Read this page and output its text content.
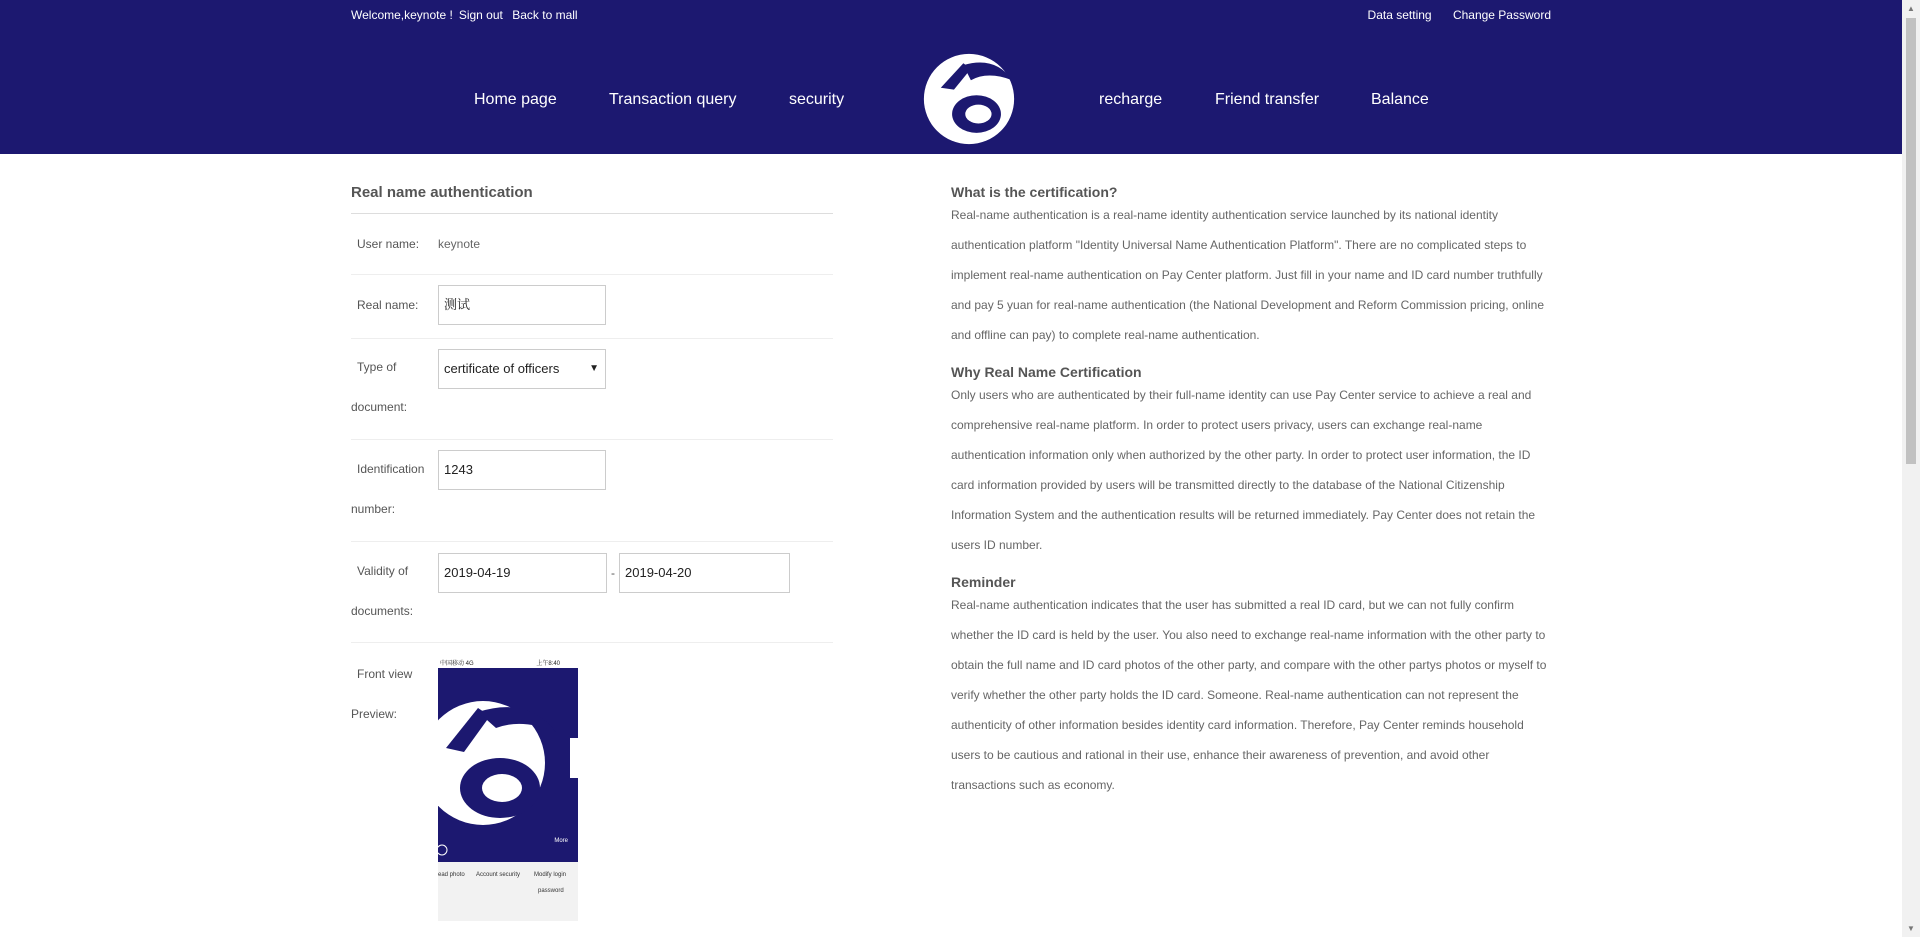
Welcome,keynote ! Sign out Back to mall	Data setting Change Password
Home page	Transaction query	security	recharge	Friend transfer	Balance
Real name authentication
User name: keynote
Real name:	测试
Type of
document:
certificate of officers	▼
Identification
number:
1243
Validity of
documents:
2019-04-19	- 2019-04-20
Front view
Preview:
中国移动 4G	上午8:40
More
ead photo Account security Modify login
password
What is the certification?

Real-name authentication is a real-name identity authentication service launched by its national identity authentication platform "Identity Universal Name Authentication Platform". There are no complicated steps to implement real-name authentication on Pay Center platform. Just fill in your name and ID card number truthfully and pay 5 yuan for real-name authentication (the National Development and Reform Commission pricing, online and offline can pay) to complete real-name authentication.

Why Real Name Certification

Only users who are authenticated by their full-name identity can use Pay Center service to achieve a real and comprehensive real-name platform. In order to protect users privacy, users can exchange real-name authentication information only when authorized by the other party. In order to protect user information, the ID card information provided by users will be transmitted directly to the database of the National Citizenship Information System and the authentication results will be returned immediately. Pay Center does not retain the users ID number.

Reminder

Real-name authentication indicates that the user has submitted a real ID card, but we can not fully confirm whether the ID card is held by the user. You also need to exchange real-name information with the other party to obtain the full name and ID card photos of the other party, and compare with the other partys photos or myself to verify whether the other party holds the ID card. Someone. Real-name authentication can not represent the authenticity of other information besides identity card information. Therefore, Pay Center reminds household users to be cautious and rational in their use, enhance their awareness of prevention, and avoid other transactions such as economy.

▲
▼
